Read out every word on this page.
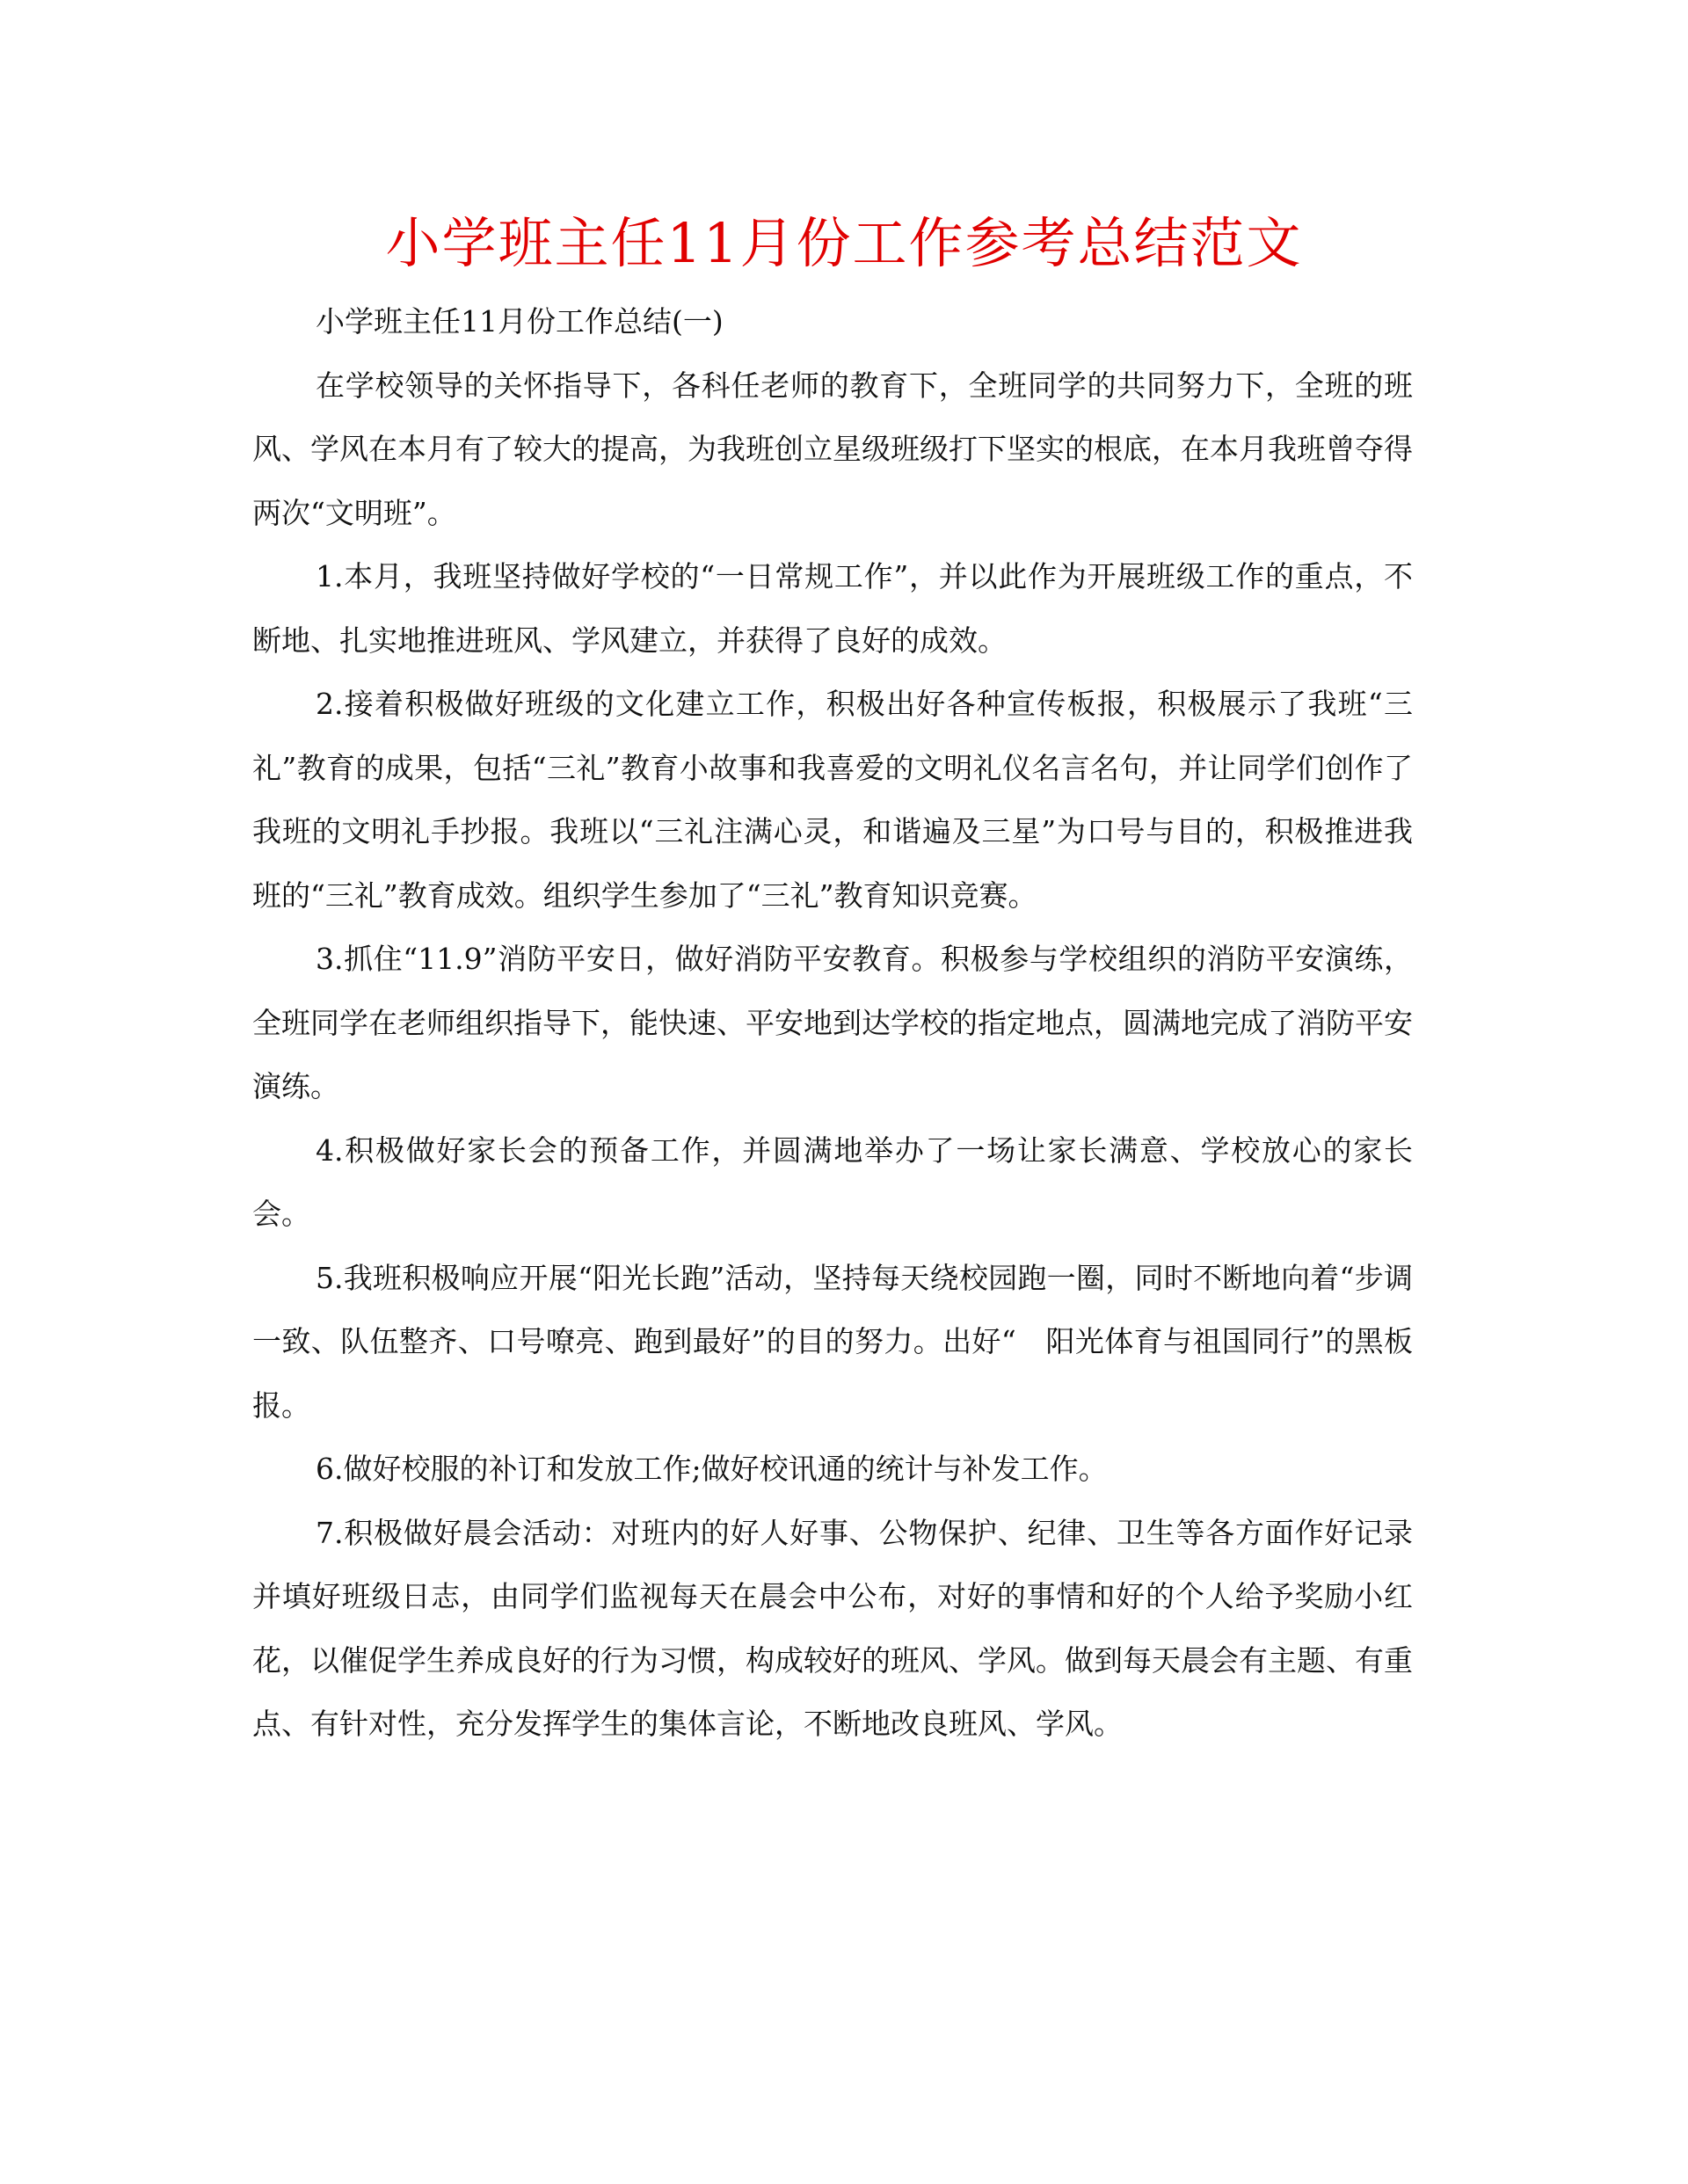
小学班主任11月份工作参考总结范文

小学班主任11月份工作总结(一)

在学校领导的关怀指导下，各科任老师的教育下，全班同学的共同努力下，全班的班风、学风在本月有了较大的提高，为我班创立星级班级打下坚实的根底，在本月我班曾夺得两次“文明班”。

1.本月，我班坚持做好学校的“一日常规工作”，并以此作为开展班级工作的重点，不断地、扎实地推进班风、学风建立，并获得了良好的成效。

2.接着积极做好班级的文化建立工作，积极出好各种宣传板报，积极展示了我班“三礼”教育的成果，包括“三礼”教育小故事和我喜爱的文明礼仪名言名句，并让同学们创作了我班的文明礼手抄报。我班以“三礼注满心灵，和谐遍及三星”为口号与目的，积极推进我班的“三礼”教育成效。组织学生参加了“三礼”教育知识竞赛。

3.抓住“11.9”消防平安日，做好消防平安教育。积极参与学校组织的消防平安演练，全班同学在老师组织指导下，能快速、平安地到达学校的指定地点，圆满地完成了消防平安演练。

4.积极做好家长会的预备工作，并圆满地举办了一场让家长满意、学校放心的家长会。

5.我班积极响应开展“阳光长跑”活动，坚持每天绕校园跑一圈，同时不断地向着“步调一致、队伍整齐、口号嘹亮、跑到最好”的目的努力。出好“　阳光体育与祖国同行”的黑板报。

6.做好校服的补订和发放工作;做好校讯通的统计与补发工作。

7.积极做好晨会活动：对班内的好人好事、公物保护、纪律、卫生等各方面作好记录并填好班级日志，由同学们监视每天在晨会中公布，对好的事情和好的个人给予奖励小红花，以催促学生养成良好的行为习惯，构成较好的班风、学风。做到每天晨会有主题、有重点、有针对性，充分发挥学生的集体言论，不断地改良班风、学风。
